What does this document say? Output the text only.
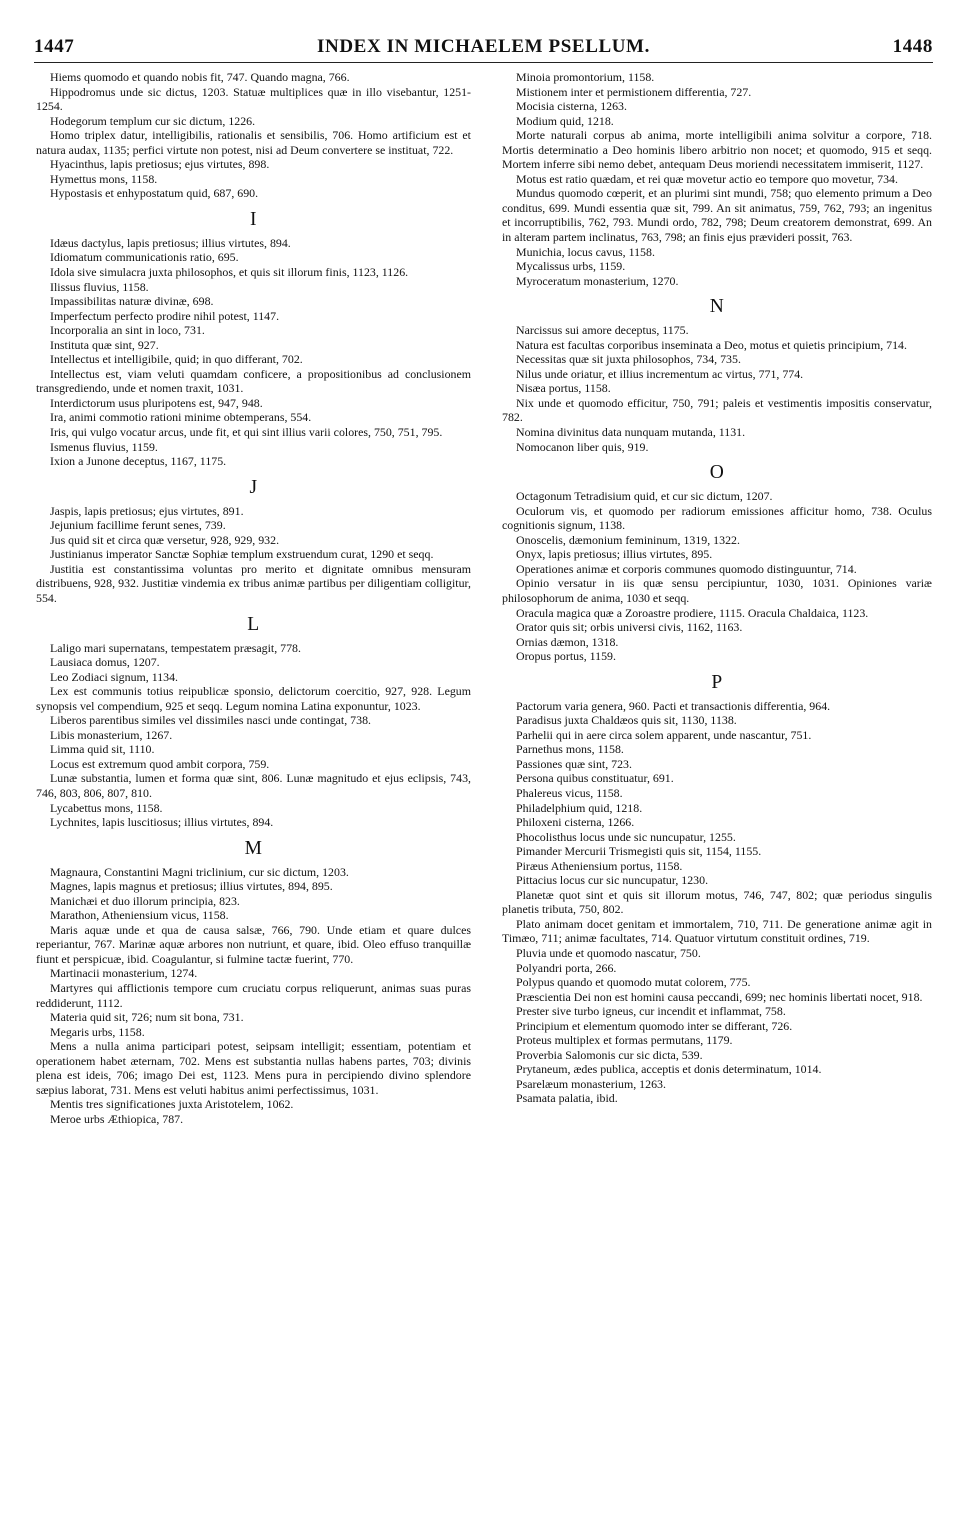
1447	INDEX IN MICHAELEM PSELLUM.	1448

Hiems quomodo et quando nobis fit, 747. Quando magna, 766.

Hippodromus unde sic dictus, 1203. Statuæ multiplices quæ in illo visebantur, 1251-1254.

Hodegorum templum cur sic dictum, 1226.

Homo triplex datur, intelligibilis, rationalis et sensibilis, 706. Homo artificium est et natura audax, 1135; perfici virtute non potest, nisi ad Deum convertere se instituat, 722.

Hyacinthus, lapis pretiosus; ejus virtutes, 898.

Hymettus mons, 1158.

Hypostasis et enhypostatum quid, 687, 690.

I

Idæus dactylus, lapis pretiosus; illius virtutes, 894.

Idiomatum communicationis ratio, 695.

Idola sive simulacra juxta philosophos, et quis sit illorum finis, 1123, 1126.

Ilissus fluvius, 1158.

Impassibilitas naturæ divinæ, 698.

Imperfectum perfecto prodire nihil potest, 1147.

Incorporalia an sint in loco, 731.

Instituta quæ sint, 927.

Intellectus et intelligibile, quid; in quo differant, 702.

Intellectus est, viam veluti quamdam conficere, a propositionibus ad conclusionem transgrediendo, unde et nomen traxit, 1031.

Interdictorum usus pluripotens est, 947, 948.

Ira, animi commotio rationi minime obtemperans, 554.

Iris, qui vulgo vocatur arcus, unde fit, et qui sint illius varii colores, 750, 751, 795.

Ismenus fluvius, 1159.

Ixion a Junone deceptus, 1167, 1175.

J

Jaspis, lapis pretiosus; ejus virtutes, 891.

Jejunium facillime ferunt senes, 739.

Jus quid sit et circa quæ versetur, 928, 929, 932.

Justinianus imperator Sanctæ Sophiæ templum exstruendum curat, 1290 et seqq.

Justitia est constantissima voluntas pro merito et dignitate omnibus mensuram distribuens, 928, 932. Justitiæ vindemia ex tribus animæ partibus per diligentiam colligitur, 554.

L

Laligo mari supernatans, tempestatem præsagit, 778.

Lausiaca domus, 1207.

Leo Zodiaci signum, 1134.

Lex est communis totius reipublicæ sponsio, delictorum coercitio, 927, 928. Legum synopsis vel compendium, 925 et seqq. Legum nomina Latina exponuntur, 1023.

Liberos parentibus similes vel dissimiles nasci unde contingat, 738.

Libis monasterium, 1267.

Limma quid sit, 1110.

Locus est extremum quod ambit corpora, 759.

Lunæ substantia, lumen et forma quæ sint, 806. Lunæ magnitudo et ejus eclipsis, 743, 746, 803, 806, 807, 810.

Lycabettus mons, 1158.

Lychnites, lapis luscitiosus; illius virtutes, 894.

M

Magnaura, Constantini Magni triclinium, cur sic dictum, 1203.

Magnes, lapis magnus et pretiosus; illius virtutes, 894, 895.

Manichæi et duo illorum principia, 823.

Marathon, Atheniensium vicus, 1158.

Maris aquæ unde et qua de causa salsæ, 766, 790. Unde etiam et quare dulces reperiantur, 767. Marinæ aquæ arbores non nutriunt, et quare, ibid. Oleo effuso tranquillæ fiunt et perspicuæ, ibid. Coagulantur, si fulmine tactæ fuerint, 770.

Martinacii monasterium, 1274.

Martyres qui afflictionis tempore cum cruciatu corpus reliquerunt, animas suas puras reddiderunt, 1112.

Materia quid sit, 726; num sit bona, 731.

Megaris urbs, 1158.

Mens a nulla anima participari potest, seipsam intelligit; essentiam, potentiam et operationem habet æternam, 702. Mens est substantia nullas habens partes, 703; divinis plena est ideis, 706; imago Dei est, 1123. Mens pura in percipiendo divino splendore sæpius laborat, 731. Mens est veluti habitus animi perfectissimus, 1031.

Mentis tres significationes juxta Aristotelem, 1062.

Meroe urbs Æthiopica, 787.

Minoia promontorium, 1158.

Mistionem inter et permistionem differentia, 727.

Mocisia cisterna, 1263.

Modium quid, 1218.

Morte naturali corpus ab anima, morte intelligibili anima solvitur a corpore, 718. Mortis determinatio a Deo hominis libero arbitrio non nocet; et quomodo, 915 et seqq. Mortem inferre sibi nemo debet, antequam Deus moriendi necessitatem immiserit, 1127.

Motus est ratio quædam, et rei quæ movetur actio eo tempore quo movetur, 734.

Mundus quomodo cœperit, et an plurimi sint mundi, 758; quo elemento primum a Deo conditus, 699. Mundi essentia quæ sit, 799. An sit animatus, 759, 762, 793; an ingenitus et incorruptibilis, 762, 793. Mundi ordo, 782, 798; Deum creatorem demonstrat, 699. An in alteram partem inclinatus, 763, 798; an finis ejus prævideri possit, 763.

Munichia, locus cavus, 1158.

Mycalissus urbs, 1159.

Myroceratum monasterium, 1270.

N

Narcissus sui amore deceptus, 1175.

Natura est facultas corporibus inseminata a Deo, motus et quietis principium, 714.

Necessitas quæ sit juxta philosophos, 734, 735.

Nilus unde oriatur, et illius incrementum ac virtus, 771, 774.

Nisæa portus, 1158.

Nix unde et quomodo efficitur, 750, 791; paleis et vestimentis impositis conservatur, 782.

Nomina divinitus data nunquam mutanda, 1131.

Nomocanon liber quis, 919.

O

Octagonum Tetradisium quid, et cur sic dictum, 1207.

Oculorum vis, et quomodo per radiorum emissiones afficitur homo, 738. Oculus cognitionis signum, 1138.

Onoscelis, dæmonium femininum, 1319, 1322.

Onyx, lapis pretiosus; illius virtutes, 895.

Operationes animæ et corporis communes quomodo distinguuntur, 714.

Opinio versatur in iis quæ sensu percipiuntur, 1030, 1031. Opiniones variæ philosophorum de anima, 1030 et seqq.

Oracula magica quæ a Zoroastre prodiere, 1115. Oracula Chaldaica, 1123.

Orator quis sit; orbis universi civis, 1162, 1163.

Ornias dæmon, 1318.

Oropus portus, 1159.

P

Pactorum varia genera, 960. Pacti et transactionis differentia, 964.

Paradisus juxta Chaldæos quis sit, 1130, 1138.

Parhelii qui in aere circa solem apparent, unde nascantur, 751.

Parnethus mons, 1158.

Passiones quæ sint, 723.

Persona quibus constituatur, 691.

Phalereus vicus, 1158.

Philadelphium quid, 1218.

Philoxeni cisterna, 1266.

Phocolisthus locus unde sic nuncupatur, 1255.

Pimander Mercurii Trismegisti quis sit, 1154, 1155.

Piræus Atheniensium portus, 1158.

Pittacius locus cur sic nuncupatur, 1230.

Planetæ quot sint et quis sit illorum motus, 746, 747, 802; quæ periodus singulis planetis tributa, 750, 802.

Plato animam docet genitam et immortalem, 710, 711. De generatione animæ agit in Timæo, 711; animæ facultates, 714. Quatuor virtutum constituit ordines, 719.

Pluvia unde et quomodo nascatur, 750.

Polyandri porta, 266.

Polypus quando et quomodo mutat colorem, 775.

Præscientia Dei non est homini causa peccandi, 699; nec hominis libertati nocet, 918.

Prester sive turbo igneus, cur incendit et inflammat, 758.

Principium et elementum quomodo inter se differant, 726.

Proteus multiplex et formas permutans, 1179.

Proverbia Salomonis cur sic dicta, 539.

Prytaneum, ædes publica, acceptis et donis determinatum, 1014.

Psarelæum monasterium, 1263.

Psamata palatia, ibid.
